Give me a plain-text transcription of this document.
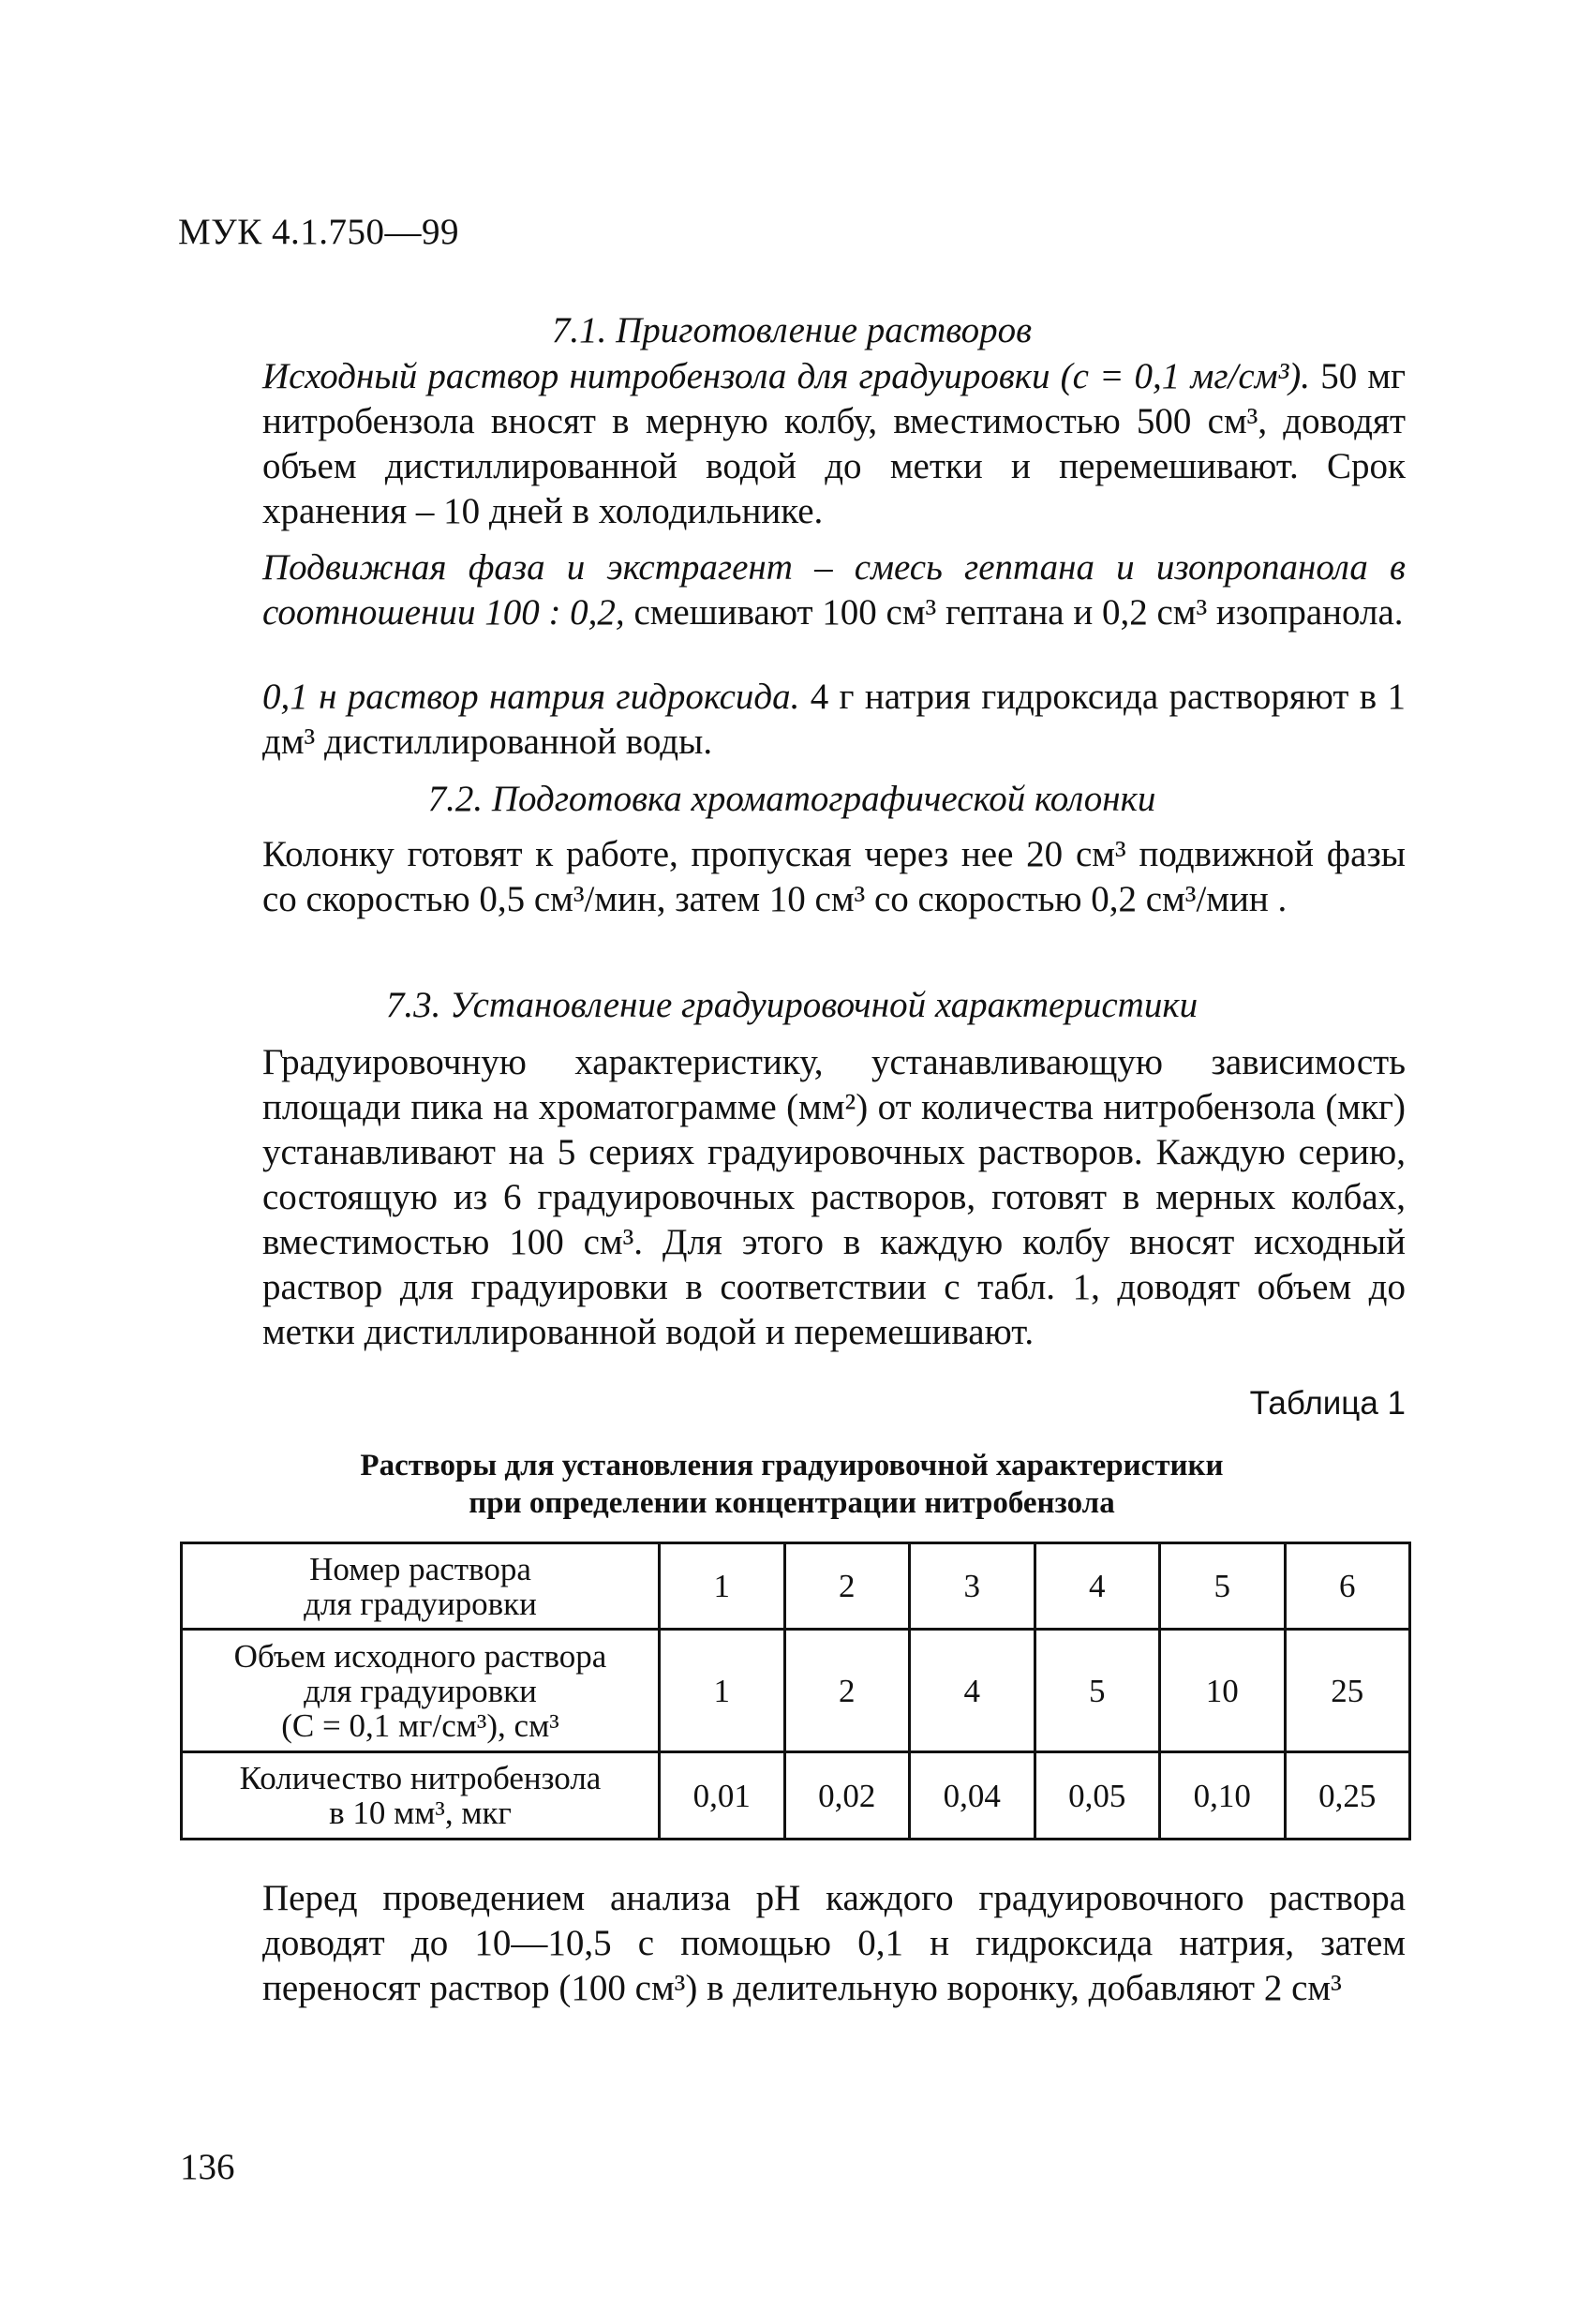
МУК 4.1.750—99
7.1. Приготовление растворов
Исходный раствор нитробензола для градуировки (c = 0,1 мг/см³). 50 мг нитробензола вносят в мерную колбу, вместимостью 500 см³, доводят объем дистиллированной водой до метки и перемешивают. Срок хранения – 10 дней в холодильнике.
Подвижная фаза и экстрагент – смесь гептана и изопропанола в соотношении 100 : 0,2, смешивают 100 см³ гептана и 0,2 см³ изопранола.
0,1 н раствор натрия гидроксида. 4 г натрия гидроксида растворяют в 1 дм³ дистиллированной воды.
7.2. Подготовка хроматографической колонки
Колонку готовят к работе, пропуская через нее 20 см³ подвижной фазы со скоростью 0,5 см³/мин, затем 10 см³ со скоростью 0,2 см³/мин .
7.3. Установление градуировочной характеристики
Градуировочную характеристику, устанавливающую зависимость площади пика на хроматограмме (мм²) от количества нитробензола (мкг) устанавливают на 5 сериях градуировочных растворов. Каждую серию, состоящую из 6 градуировочных растворов, готовят в мерных колбах, вместимостью 100 см³. Для этого в каждую колбу вносят исходный раствор для градуировки в соответствии с табл. 1, доводят объем до метки дистиллированной водой и перемешивают.
Таблица 1
Растворы для установления градуировочной характеристики
при определении концентрации нитробензола
Номер раствора
для градуировки	1	2	3	4	5	6

Объем исходного раствора
для градуировки
(С = 0,1 мг/см³), см³	1	2	4	5	10	25

Количество нитробензола
в 10 мм³, мкг	0,01	0,02	0,04	0,05	0,10	0,25
Перед проведением анализа pH каждого градуировочного раствора доводят до 10—10,5 с помощью 0,1 н гидроксида натрия, затем переносят раствор (100 см³) в делительную воронку, добавляют 2 см³
136
